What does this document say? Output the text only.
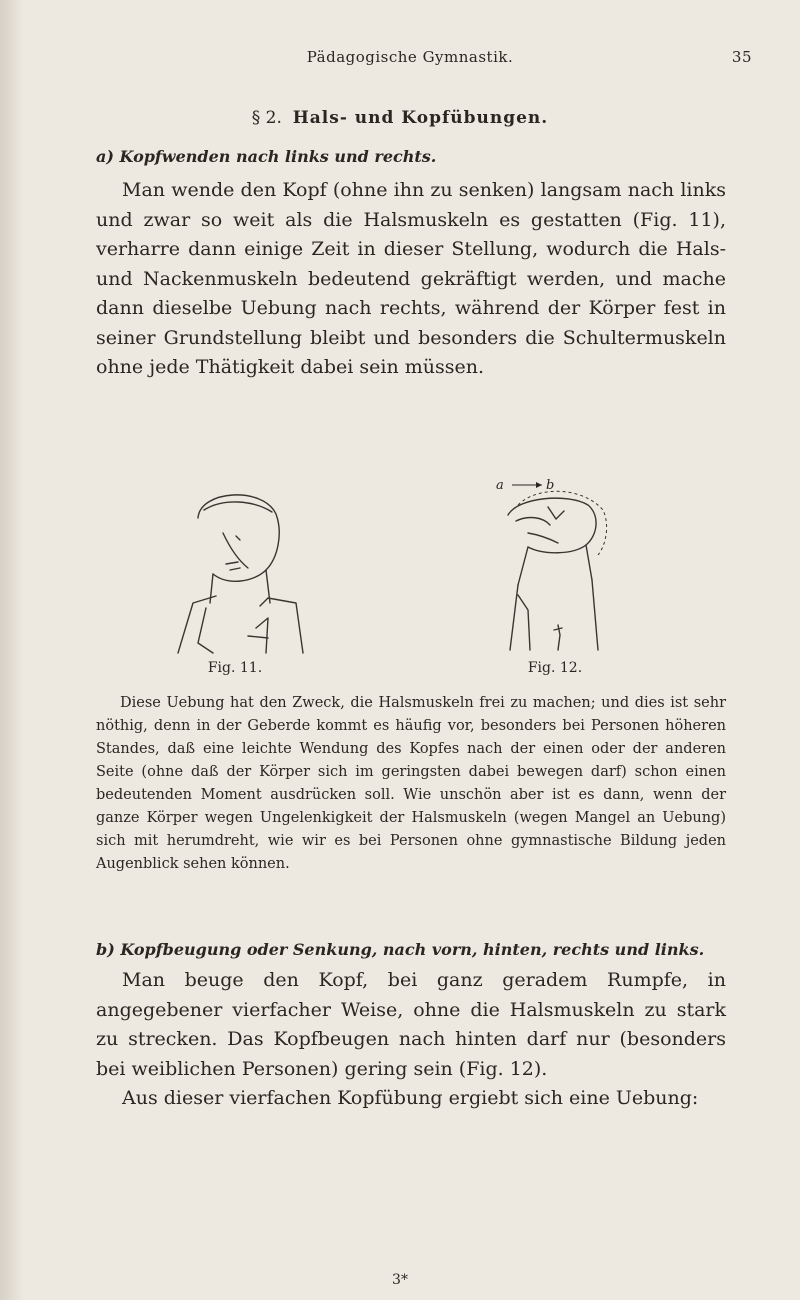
Pädagogische Gymnastik.	35
§ 2. Hals- und Kopfübungen.
a) Kopfwenden nach links und rechts.

Man wende den Kopf (ohne ihn zu senken) langsam nach links und zwar so weit als die Halsmuskeln es gestatten (Fig. 11), verharre dann einige Zeit in dieser Stellung, wodurch die Hals- und Nackenmuskeln bedeutend gekräftigt werden, und mache dann dieselbe Uebung nach rechts, während der Körper fest in seiner Grundstellung bleibt und besonders die Schultermuskeln ohne jede Thätigkeit dabei sein müssen.

Fig. 11.
a	b
Fig. 12.

Diese Uebung hat den Zweck, die Halsmuskeln frei zu machen; und dies ist sehr nöthig, denn in der Geberde kommt es häufig vor, besonders bei Personen höheren Standes, daß eine leichte Wendung des Kopfes nach der einen oder der anderen Seite (ohne daß der Körper sich im geringsten dabei bewegen darf) schon einen bedeutenden Moment ausdrücken soll. Wie unschön aber ist es dann, wenn der ganze Körper wegen Ungelenkigkeit der Halsmuskeln (wegen Mangel an Uebung) sich mit herumdreht, wie wir es bei Personen ohne gymnastische Bildung jeden Augenblick sehen können.

b) Kopfbeugung oder Senkung, nach vorn, hinten, rechts und links.

Man beuge den Kopf, bei ganz geradem Rumpfe, in angegebener vierfacher Weise, ohne die Halsmuskeln zu stark zu strecken. Das Kopfbeugen nach hinten darf nur (besonders bei weiblichen Personen) gering sein (Fig. 12).

Aus dieser vierfachen Kopfübung ergiebt sich eine Uebung:

3*
